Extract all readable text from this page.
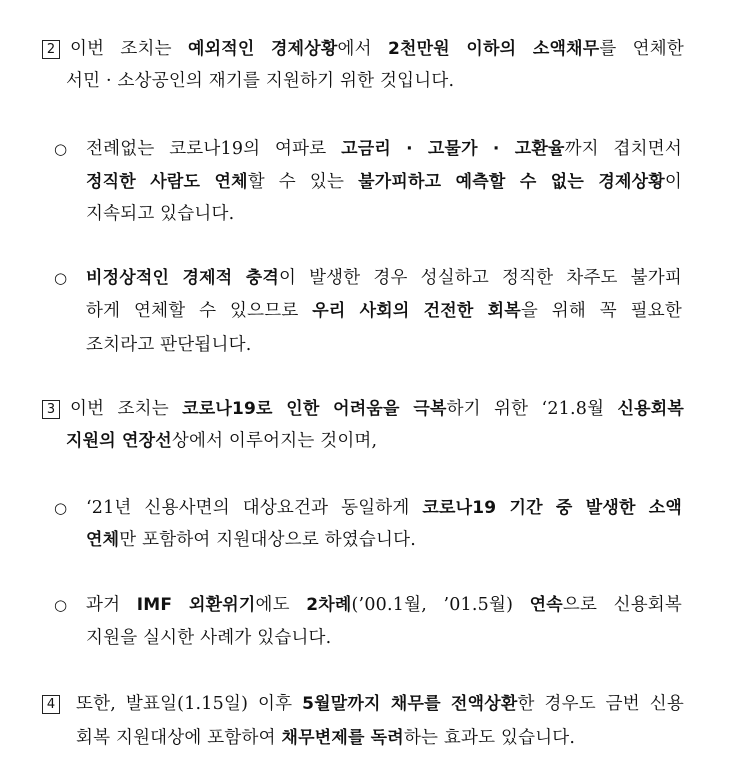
2 이번 조치는 예외적인 경제상황에서 2천만원 이하의 소액채무를 연체한
서민 · 소상공인의 재기를 지원하기 위한 것입니다.
○ 전례없는 코로나19의 여파로 고금리 · 고물가 · 고환율까지 겹치면서
정직한 사람도 연체할 수 있는 불가피하고 예측할 수 없는 경제상황이
지속되고 있습니다.
○ 비정상적인 경제적 충격이 발생한 경우 성실하고 정직한 차주도 불가피
하게 연체할 수 있으므로 우리 사회의 건전한 회복을 위해 꼭 필요한
조치라고 판단됩니다.
3 이번 조치는 코로나19로 인한 어려움을 극복하기 위한 ‘21.8월 신용회복
지원의 연장선상에서 이루어지는 것이며,
○ ‘21년 신용사면의 대상요건과 동일하게 코로나19 기간 중 발생한 소액
연체만 포함하여 지원대상으로 하였습니다.
○ 과거 IMF 외환위기에도 2차례(’00.1월, ’01.5월) 연속으로 신용회복
지원을 실시한 사례가 있습니다.
4 또한, 발표일(1.15일) 이후 5월말까지 채무를 전액상환한 경우도 금번 신용
회복 지원대상에 포함하여 채무변제를 독려하는 효과도 있습니다.
